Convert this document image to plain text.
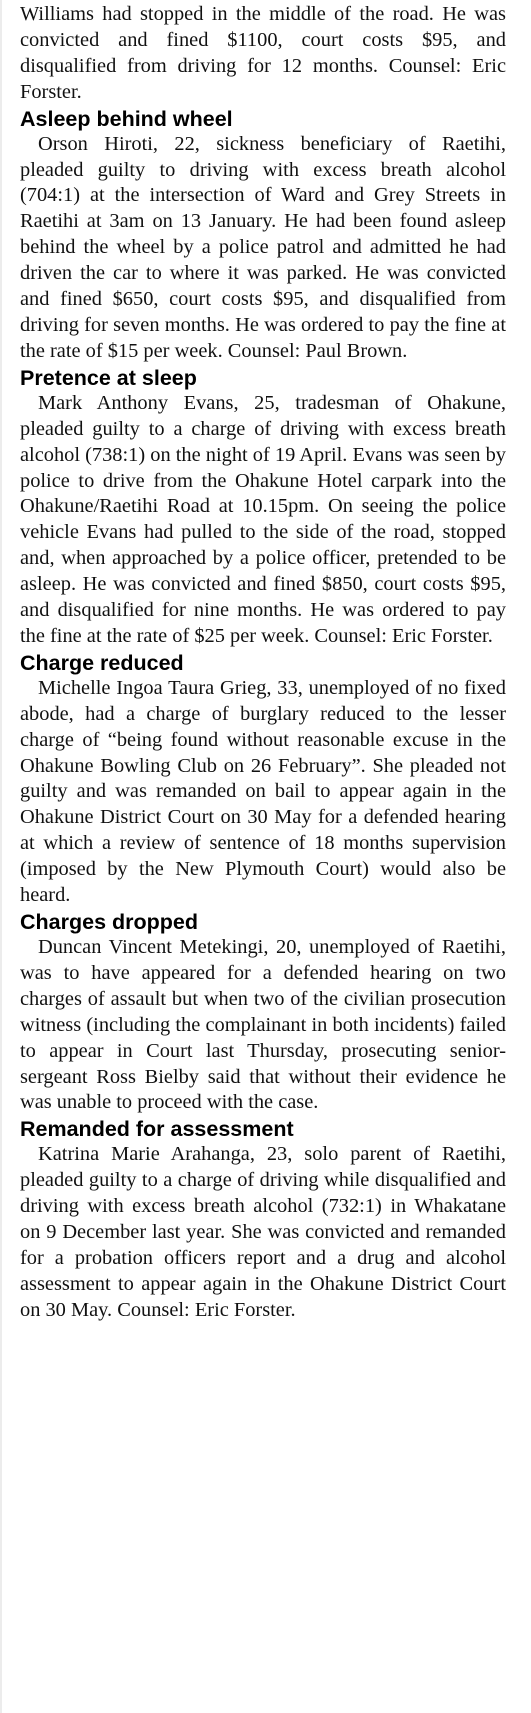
Williams had stopped in the middle of the road. He was convicted and fined $1100, court costs $95, and disqualified from driving for 12 months. Counsel: Eric Forster.

Asleep behind wheel

Orson Hiroti, 22, sickness beneficiary of Raetihi, pleaded guilty to driving with excess breath alcohol (704:1) at the intersection of Ward and Grey Streets in Raetihi at 3am on 13 January. He had been found asleep behind the wheel by a police patrol and admitted he had driven the car to where it was parked. He was convicted and fined $650, court costs $95, and disqualified from driving for seven months. He was ordered to pay the fine at the rate of $15 per week. Counsel: Paul Brown.

Pretence at sleep

Mark Anthony Evans, 25, tradesman of Ohakune, pleaded guilty to a charge of driving with excess breath alcohol (738:1) on the night of 19 April. Evans was seen by police to drive from the Ohakune Hotel carpark into the Ohakune/Raetihi Road at 10.15pm. On seeing the police vehicle Evans had pulled to the side of the road, stopped and, when approached by a police officer, pretended to be asleep. He was convicted and fined $850, court costs $95, and disqualified for nine months. He was ordered to pay the fine at the rate of $25 per week. Counsel: Eric Forster.

Charge reduced

Michelle Ingoa Taura Grieg, 33, unemployed of no fixed abode, had a charge of burglary reduced to the lesser charge of “being found without reasonable excuse in the Ohakune Bowling Club on 26 February”. She pleaded not guilty and was remanded on bail to appear again in the Ohakune District Court on 30 May for a defended hearing at which a review of sentence of 18 months supervision (imposed by the New Plymouth Court) would also be heard.

Charges dropped

Duncan Vincent Metekingi, 20, unemployed of Raetihi, was to have appeared for a defended hearing on two charges of assault but when two of the civilian prosecution witness (including the complainant in both incidents) failed to appear in Court last Thursday, prosecuting senior-sergeant Ross Bielby said that without their evidence he was unable to proceed with the case.

Remanded for assessment

Katrina Marie Arahanga, 23, solo parent of Raetihi, pleaded guilty to a charge of driving while disqualified and driving with excess breath alcohol (732:1) in Whakatane on 9 December last year. She was convicted and remanded for a probation officers report and a drug and alcohol assessment to appear again in the Ohakune District Court on 30 May. Counsel: Eric Forster.
